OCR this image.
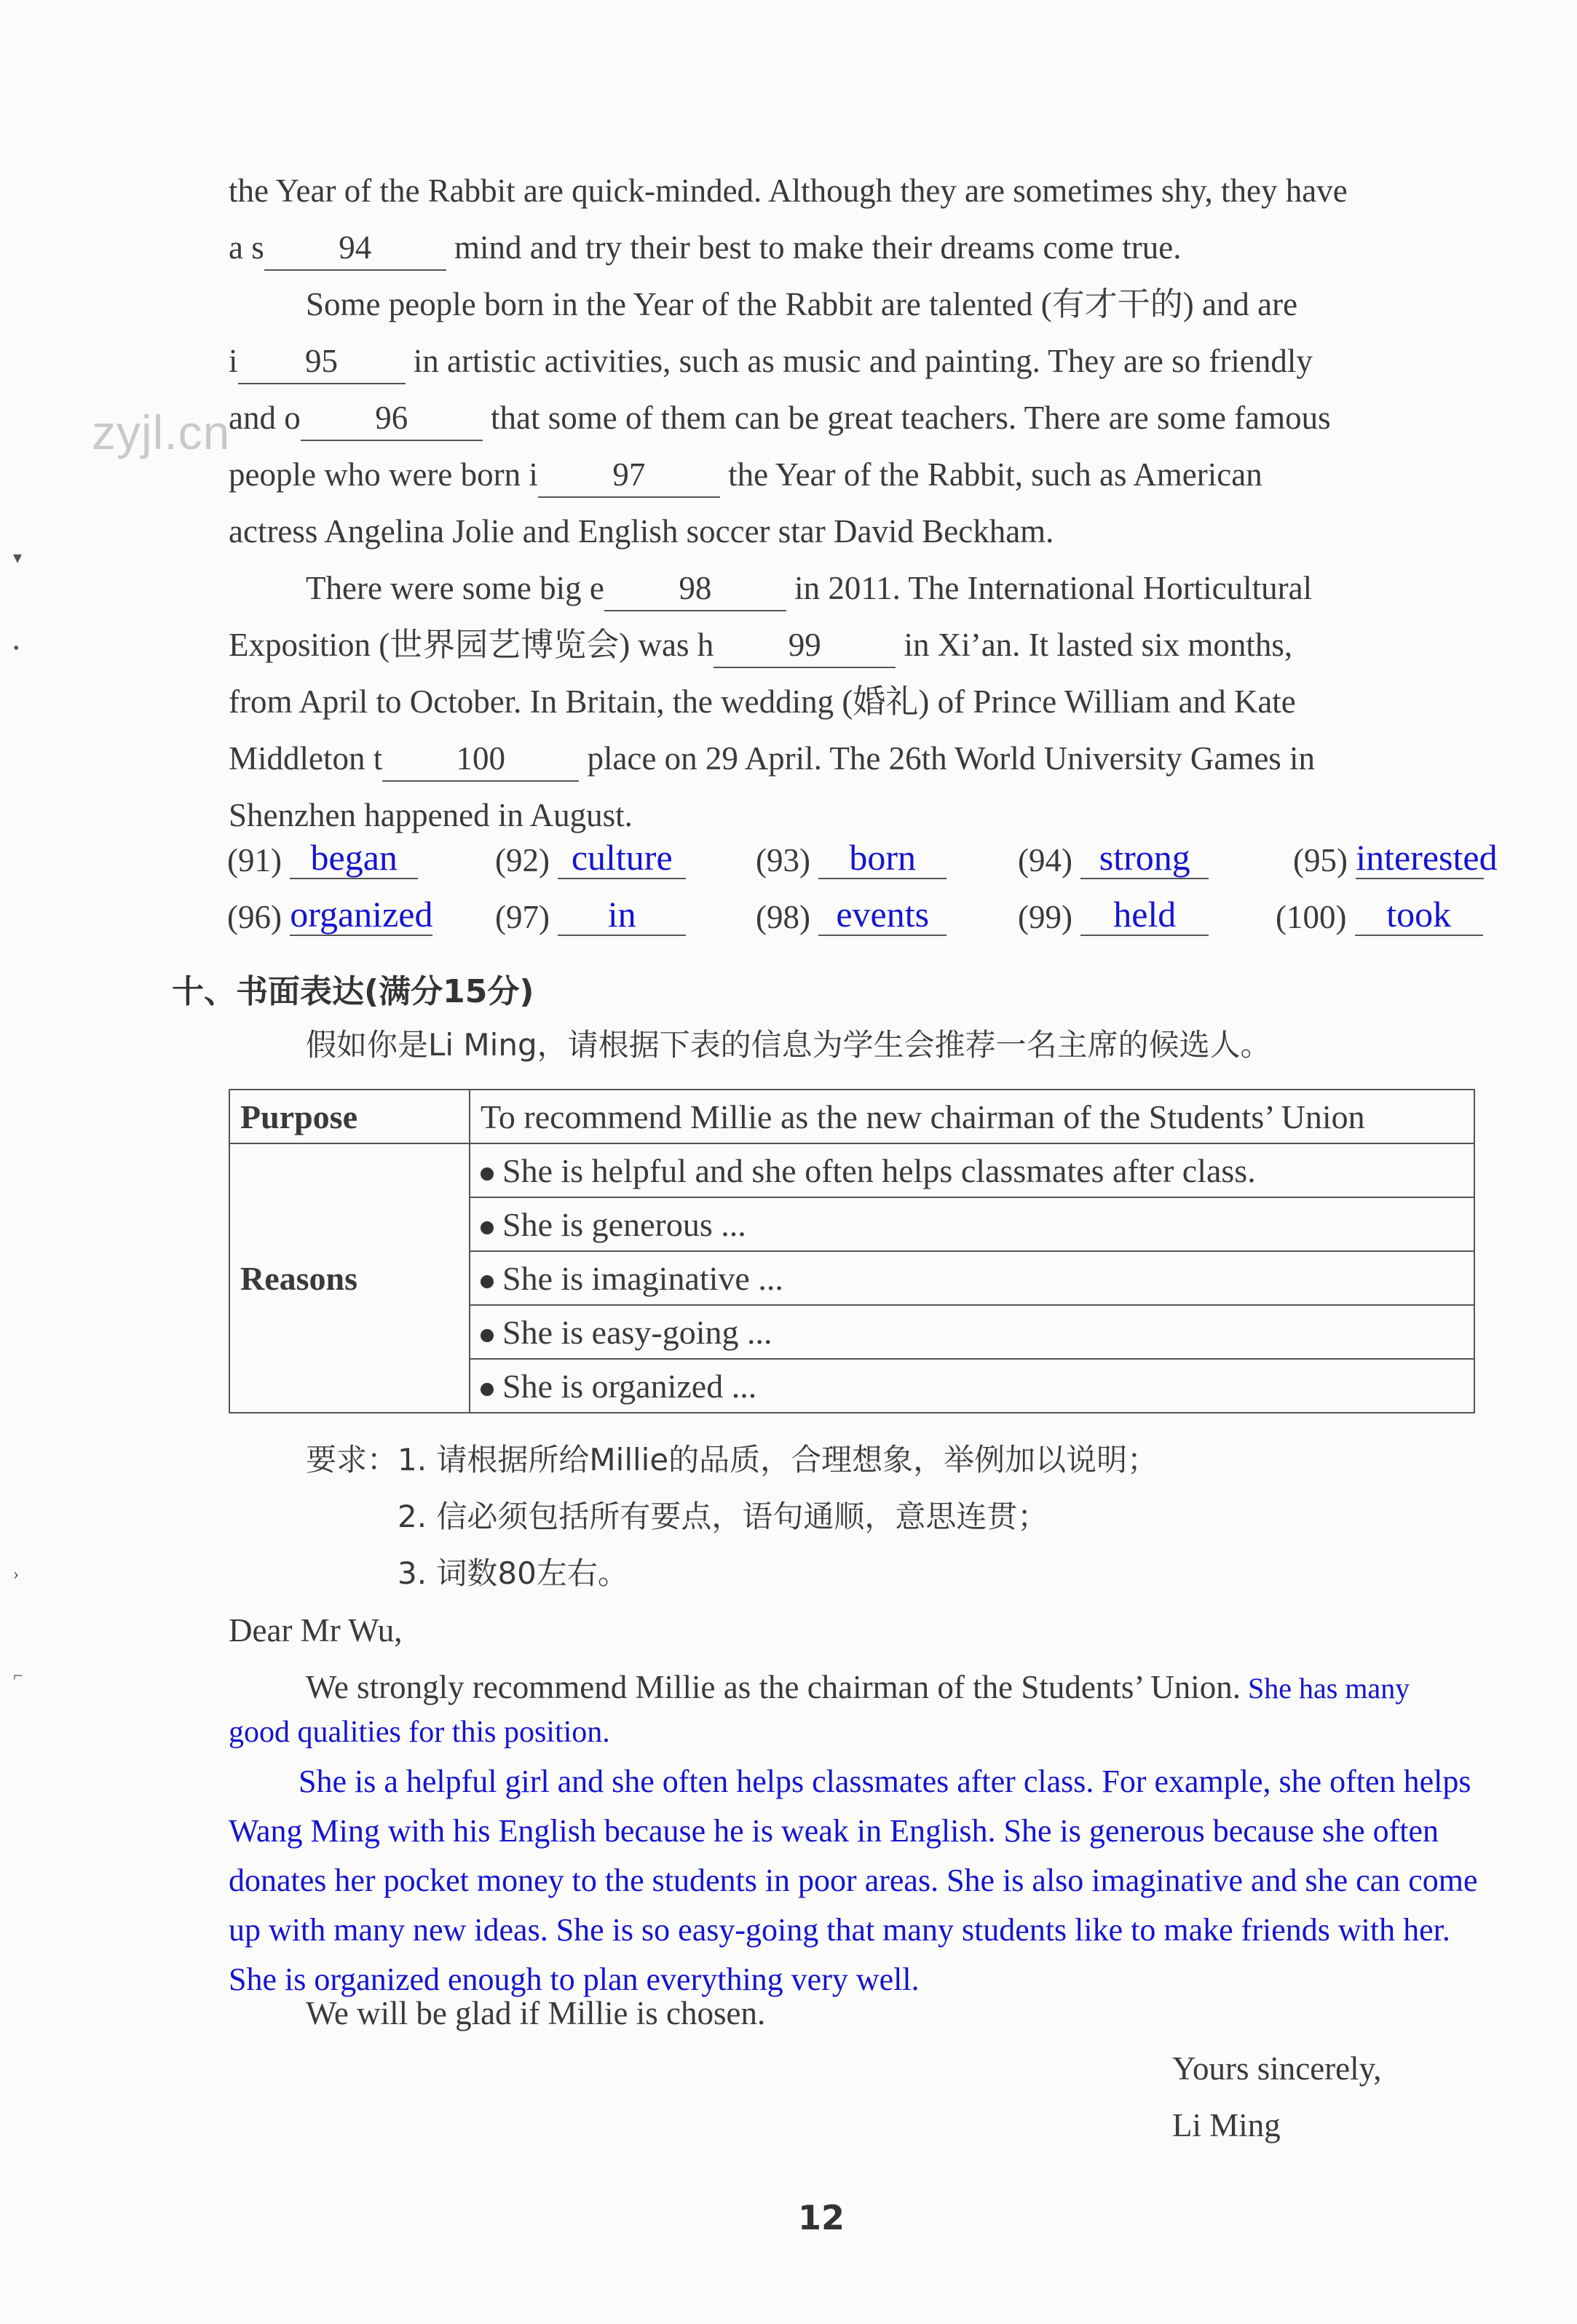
the Year of the Rabbit are quick-minded. Although they are sometimes shy, they have
a s 94 mind and try their best to make their dreams come true.
Some people born in the Year of the Rabbit are talented (有才干的) and are
i 95 in artistic activities, such as music and painting. They are so friendly
and o 96 that some of them can be great teachers. There are some famous
people who were born i 97 the Year of the Rabbit, such as American
actress Angelina Jolie and English soccer star David Beckham.
There were some big e 98 in 2011. The International Horticultural
Exposition (世界园艺博览会) was h 99 in Xi’an. It lasted six months,
from April to October. In Britain, the wedding (婚礼) of Prince William and Kate
Middleton t 100 place on 29 April. The 26th World University Games in
Shenzhen happened in August.
zyjl.cn
(91) began	(92) culture	(93) born	(94) strong	(95) interested
(96) organized (97) in	(98) events	(99) held	(100) took
十、书面表达(满分15分)
假如你是Li Ming，请根据下表的信息为学生会推荐一名主席的候选人。
Purpose	To recommend Millie as the new chairman of the Students’ Union
Reasons	She is helpful and she often helps classmates after class.
	She is generous ...
	She is imaginative ...
	She is easy-going ...
	She is organized ...
要求：1. 请根据所给Millie的品质，合理想象，举例加以说明；
2. 信必须包括所有要点，语句通顺，意思连贯；
3. 词数80左右。
Dear Mr Wu,
We strongly recommend Millie as the chairman of the Students’ Union. She has many
good qualities for this position.
She is a helpful girl and she often helps classmates after class. For example, she often helps
Wang Ming with his English because he is weak in English. She is generous because she often
donates her pocket money to the students in poor areas. She is also imaginative and she can come
up with many new ideas. She is so easy-going that many students like to make friends with her.
She is organized enough to plan everything very well.
We will be glad if Millie is chosen.
Yours sincerely,
Li Ming
12
▾
•
›
⌐
